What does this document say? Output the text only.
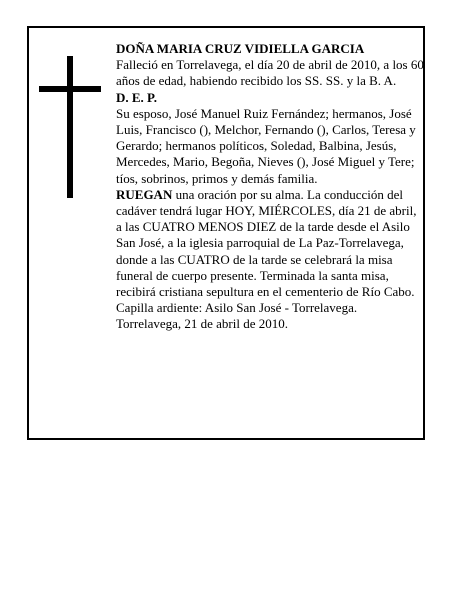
DOÑA MARIA CRUZ VIDIELLA GARCIA

Falleció en Torrelavega, el día 20 de abril de 2010, a los 60 años de edad, habiendo recibido los SS. SS. y la B. A.

D. E. P.

Su esposo, José Manuel Ruiz Fernández; hermanos, José Luis, Francisco (), Melchor, Fernando (), Carlos, Teresa y Gerardo; hermanos políticos, Soledad, Balbina, Jesús, Mercedes, Mario, Begoña, Nieves (), José Miguel y Tere; tíos, sobrinos, primos y demás familia.

RUEGAN una oración por su alma. La conducción del cadáver tendrá lugar HOY, MIÉRCOLES, día 21 de abril, a las CUATRO MENOS DIEZ de la tarde desde el Asilo San José, a la iglesia parroquial de La Paz-Torrelavega, donde a las CUATRO de la tarde se celebrará la misa funeral de cuerpo presente. Terminada la santa misa, recibirá cristiana sepultura en el cementerio de Río Cabo. Capilla ardiente: Asilo San José - Torrelavega.

Torrelavega, 21 de abril de 2010.
